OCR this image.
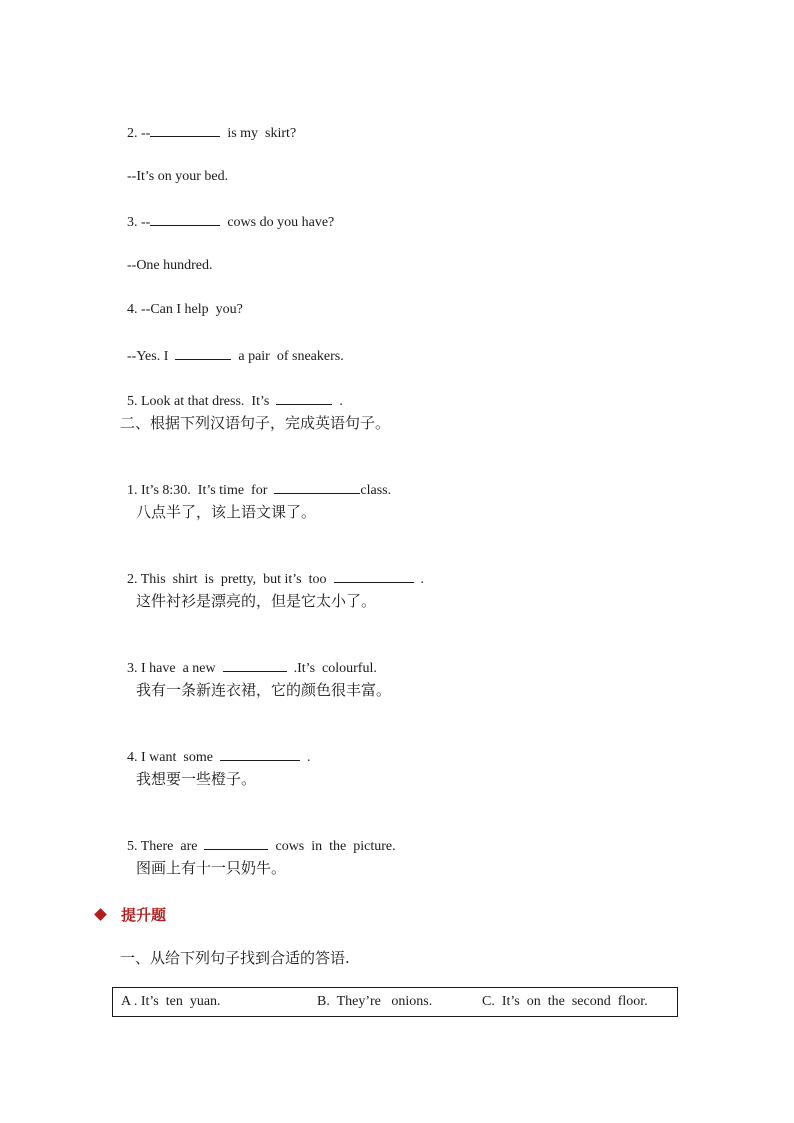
2. --	is my  skirt?

--It’s on your bed.

3. --	cows do you have?

--One hundred.

4. --Can I help  you?

--Yes. I	a pair  of sneakers.

5. Look at that dress.  It’s	.

二、根据下列汉语句子，完成英语句子。

1. It’s 8:30.  It’s time  for	class.

八点半了，该上语文课了。

2. This  shirt  is  pretty,  but it’s  too	.

这件衬衫是漂亮的，但是它太小了。

3. I have  a new	.It’s  colourful.

我有一条新连衣裙，它的颜色很丰富。

4. I want  some	.

我想要一些橙子。

5. There  are	cows  in  the  picture.

图画上有十一只奶牛。
提升题
一、从给下列句子找到合适的答语.
A . It’s  ten  yuan.	B.  They’re   onions.	C.  It’s  on  the  second  floor.
